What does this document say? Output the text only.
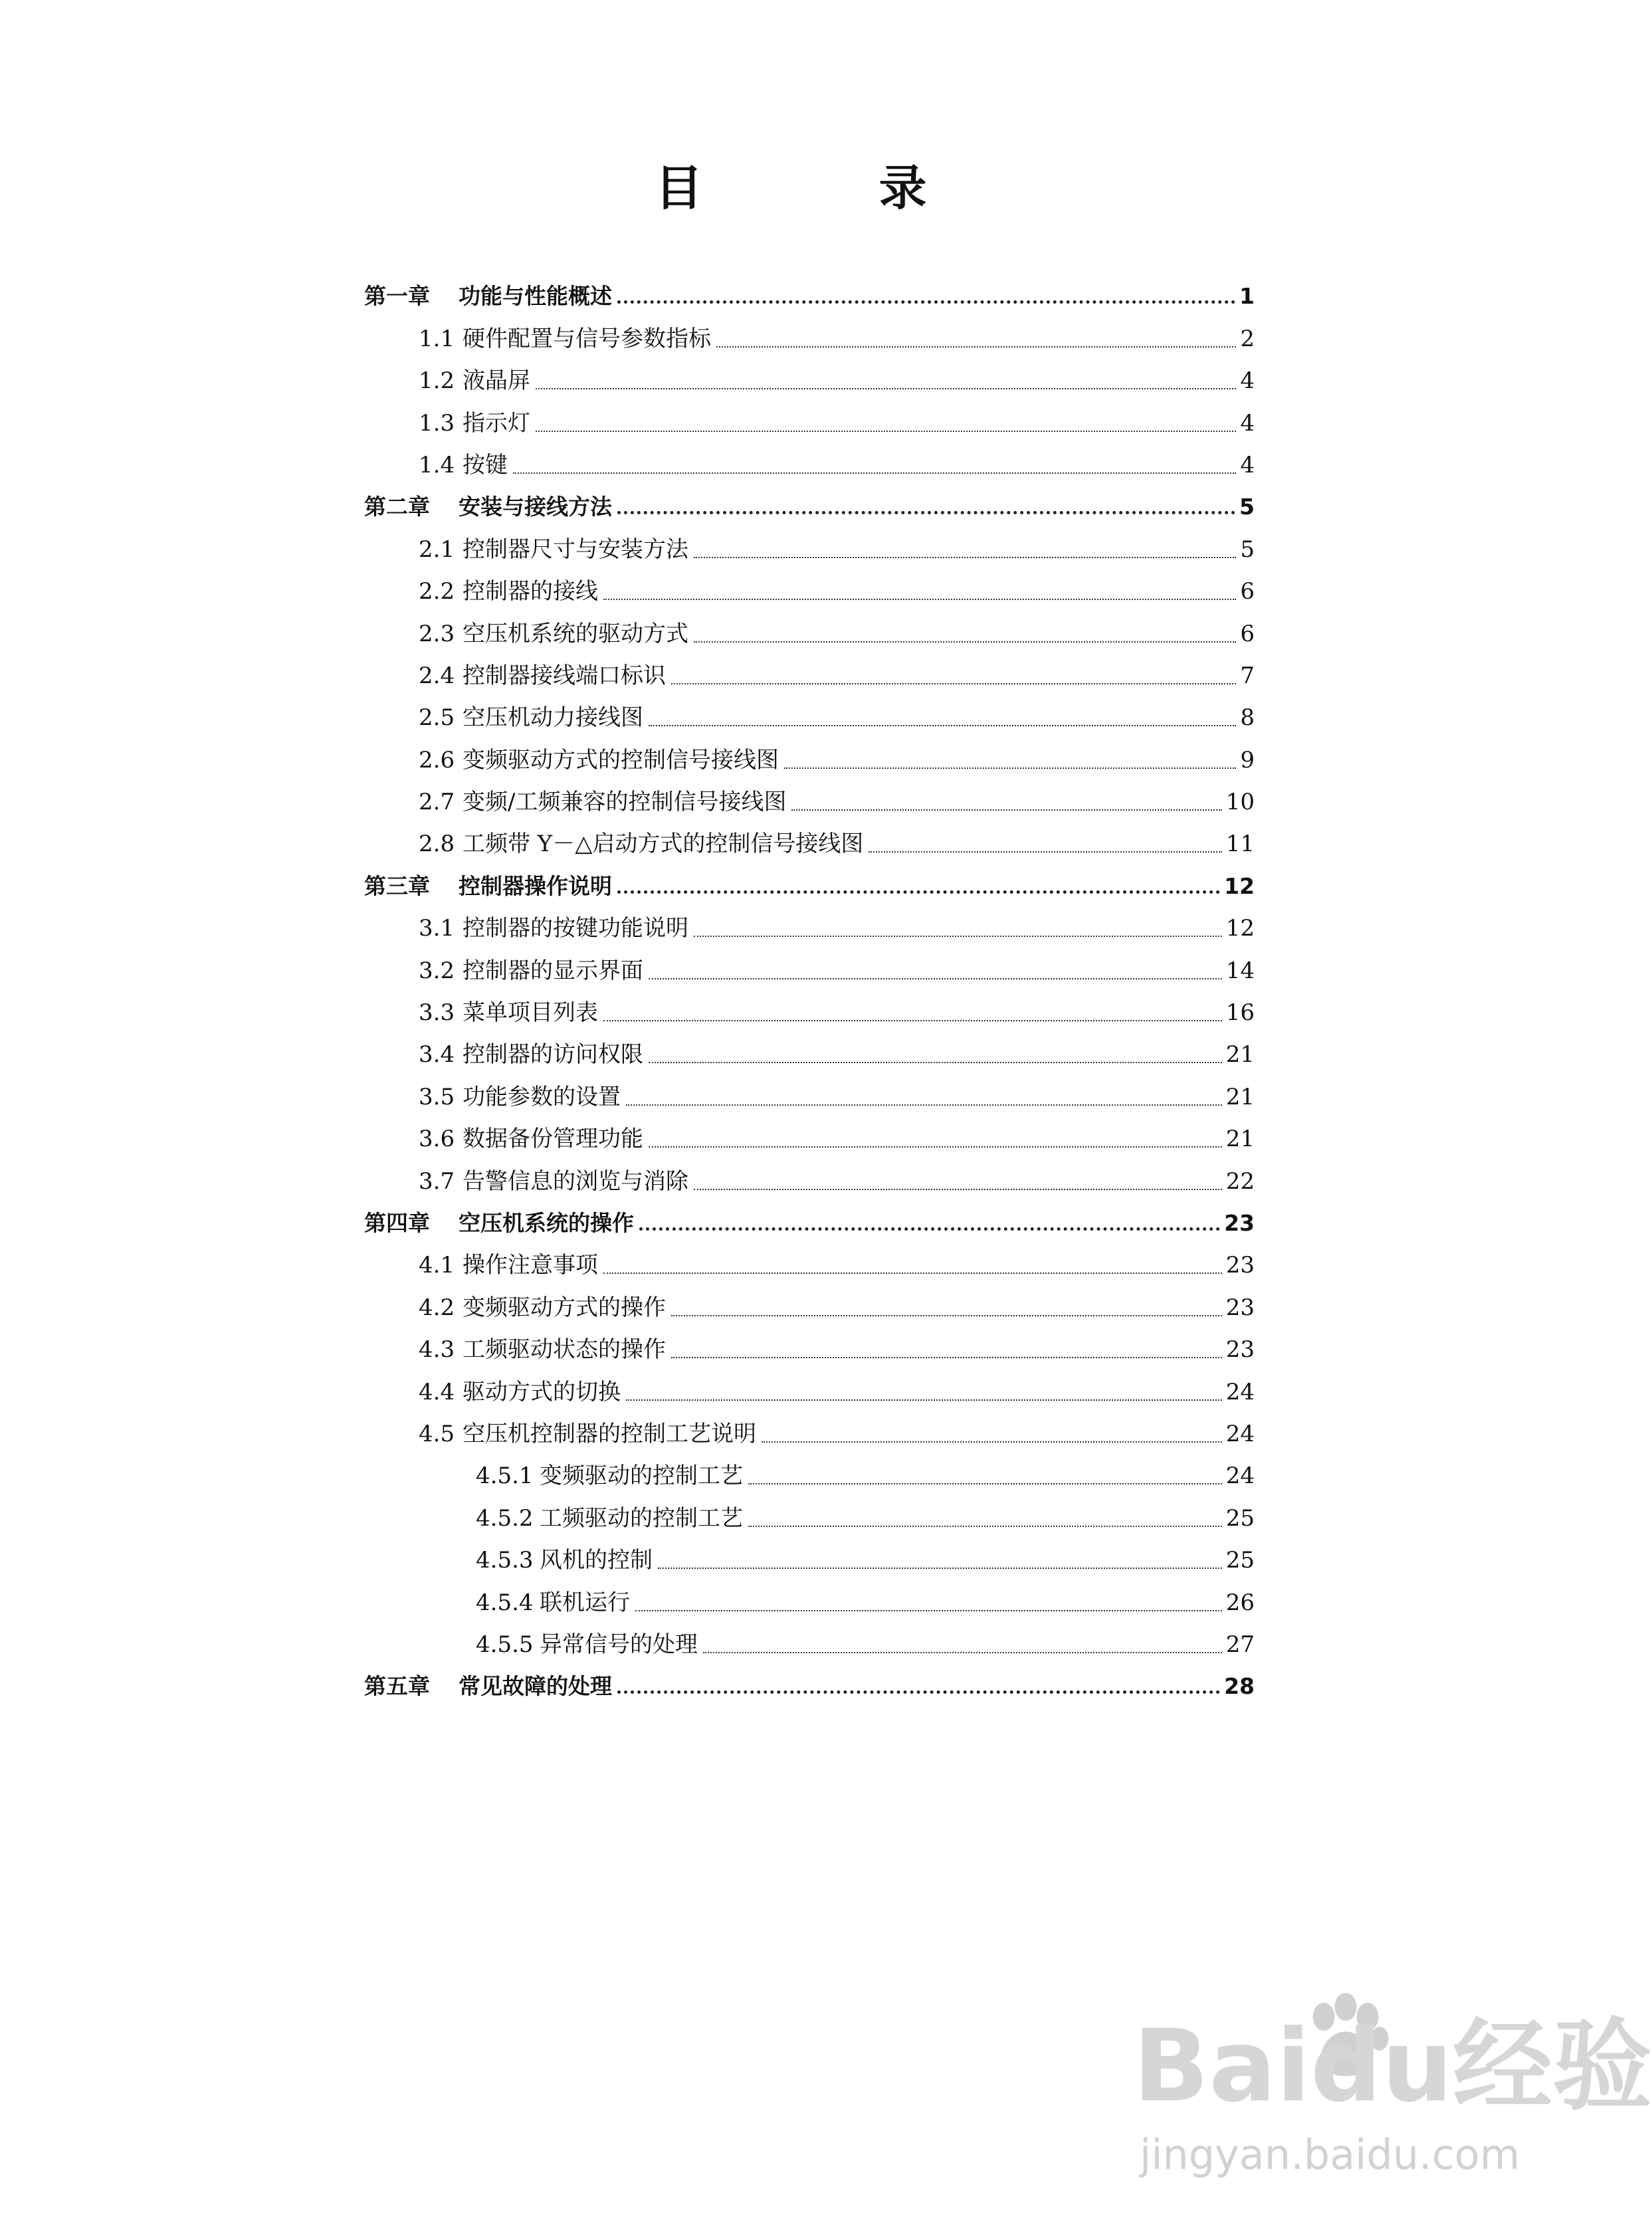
目 录
第一章	功能与性能概述	1
1.1 硬件配置与信号参数指标	2
1.2 液晶屏	4
1.3 指示灯	4
1.4 按键	4
第二章	安装与接线方法	5
2.1 控制器尺寸与安装方法	5
2.2 控制器的接线	6
2.3 空压机系统的驱动方式	6
2.4 控制器接线端口标识	7
2.5 空压机动力接线图	8
2.6 变频驱动方式的控制信号接线图	9
2.7 变频/工频兼容的控制信号接线图	10
2.8 工频带 Y－△启动方式的控制信号接线图	11
第三章	控制器操作说明	12
3.1 控制器的按键功能说明	12
3.2 控制器的显示界面	14
3.3 菜单项目列表	16
3.4 控制器的访问权限	21
3.5 功能参数的设置	21
3.6 数据备份管理功能	21
3.7 告警信息的浏览与消除	22
第四章	空压机系统的操作	23
4.1 操作注意事项	23
4.2 变频驱动方式的操作	23
4.3 工频驱动状态的操作	23
4.4 驱动方式的切换	24
4.5 空压机控制器的控制工艺说明	24
4.5.1 变频驱动的控制工艺	24
4.5.2 工频驱动的控制工艺	25
4.5.3 风机的控制	25
4.5.4 联机运行	26
4.5.5 异常信号的处理	27
第五章	常见故障的处理	28
Baidu经验
jingyan.baidu.com
